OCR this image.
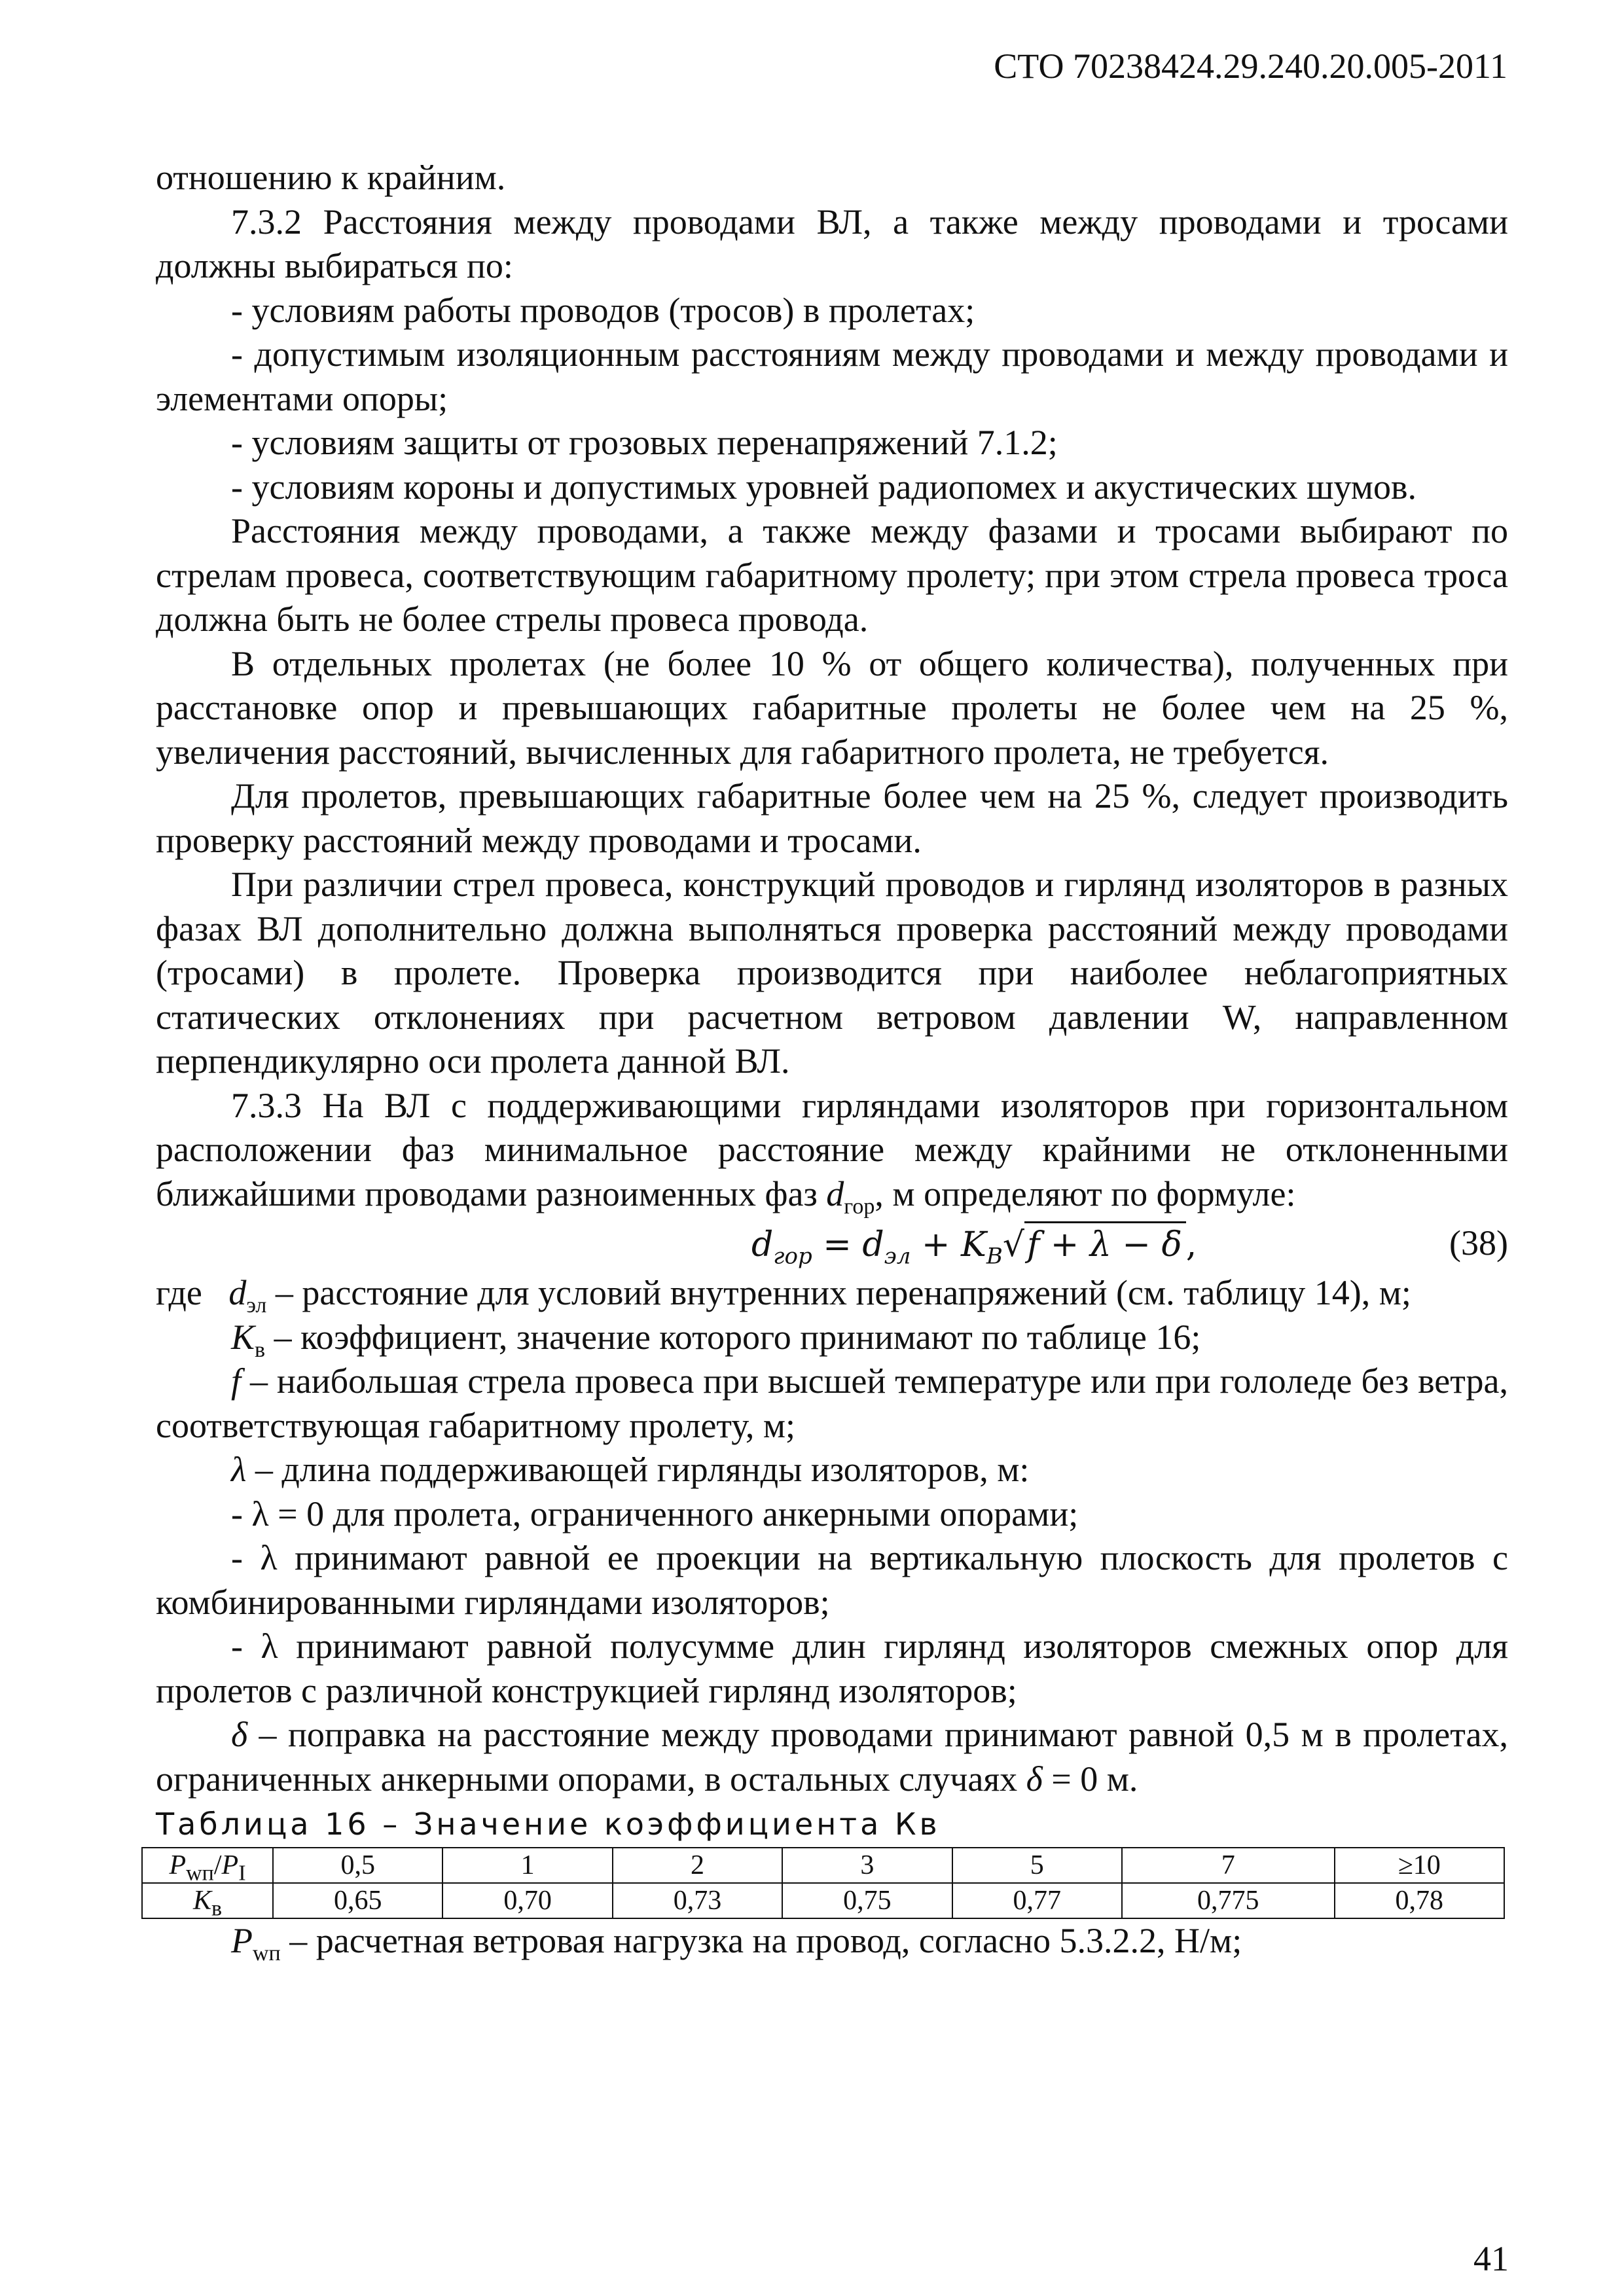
СТО 70238424.29.240.20.005-2011

отношению к крайним.

7.3.2 Расстояния между проводами ВЛ, а также между проводами и тросами должны выбираться по:

- условиям работы проводов (тросов) в пролетах;

- допустимым изоляционным расстояниям между проводами и между проводами и элементами опоры;

- условиям защиты от грозовых перенапряжений 7.1.2;

- условиям короны и допустимых уровней радиопомех и акустических шумов.

Расстояния между проводами, а также между фазами и тросами выбирают по стрелам провеса, соответствующим габаритному пролету; при этом стрела провеса троса должна быть не более стрелы провеса провода.

В отдельных пролетах (не более 10 % от общего количества), полученных при расстановке опор и превышающих габаритные пролеты не более чем на 25 %, увеличения расстояний, вычисленных для габаритного пролета, не требуется.

Для пролетов, превышающих габаритные более чем на 25 %, следует производить проверку расстояний между проводами и тросами.

При различии стрел провеса, конструкций проводов и гирлянд изоляторов в разных фазах ВЛ дополнительно должна выполняться проверка расстояний между проводами (тросами) в пролете. Проверка производится при наиболее неблагоприятных статических отклонениях при расчетном ветровом давлении W, направленном перпендикулярно оси пролета данной ВЛ.

7.3.3 На ВЛ с поддерживающими гирляндами изоляторов при горизонтальном расположении фаз минимальное расстояние между крайними не отклоненными ближайшими проводами разноименных фаз $d_{гор}$, м определяют по формуле:

$d_{гор} = d_{эл} + K_B√f + \lambda - \delta$ ,	(38)

где   $d_{эл}$ – расстояние для условий внутренних перенапряжений (см. таблицу 14), м;

$K_в$ – коэффициент, значение которого принимают по таблице 16;

f – наибольшая стрела провеса при высшей температуре или при гололеде без ветра, соответствующая габаритному пролету, м;

λ – длина поддерживающей гирлянды изоляторов, м:

- λ = 0 для пролета, ограниченного анкерными опорами;

- λ принимают равной ее проекции на вертикальную плоскость для пролетов с комбинированными гирляндами изоляторов;

- λ принимают равной полусумме длин гирлянд изоляторов смежных опор для пролетов с различной конструкцией гирлянд изоляторов;

δ – поправка на расстояние между проводами принимают равной 0,5 м в пролетах, ограниченных анкерными опорами, в остальных случаях δ = 0 м.

Таблица 16 – Значение коэффициента Кв
$P_{wп}/P_I$	0,5	1	2	3	5	7	≥10
$K_в$	0,65	0,70	0,73	0,75	0,77	0,775	0,78

$P_{wп}$ – расчетная ветровая нагрузка на провод, согласно 5.3.2.2, Н/м;

41
